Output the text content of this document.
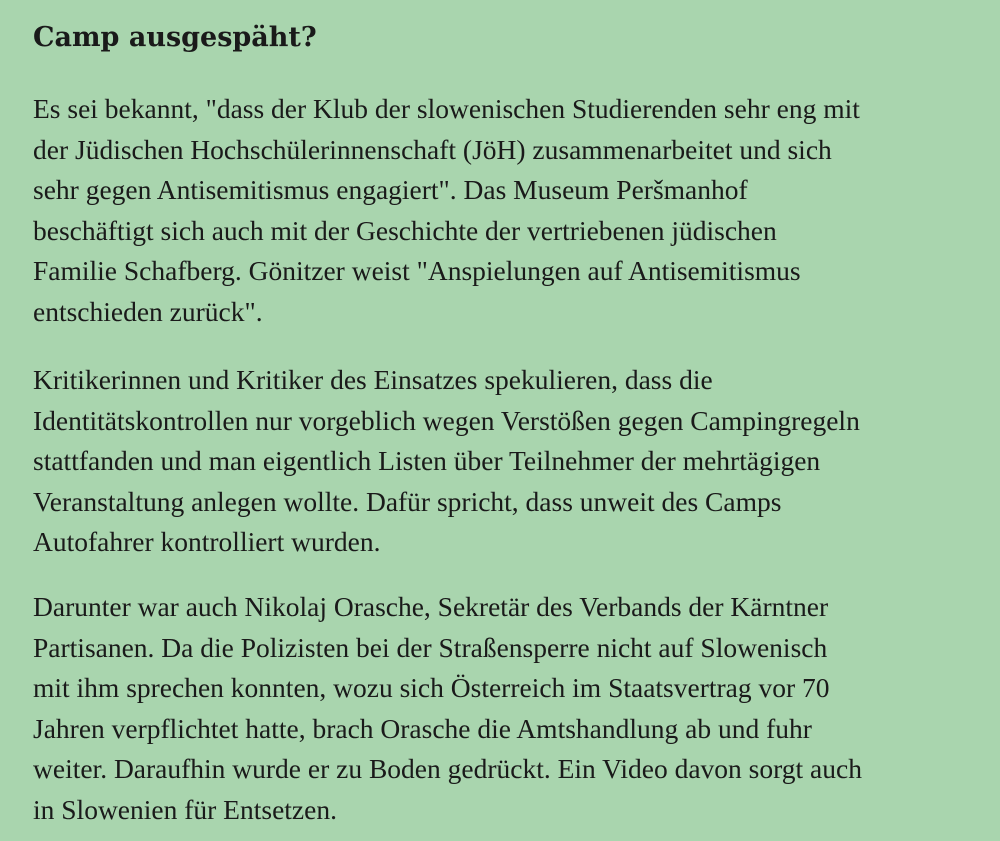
Camp ausgespäht?

Es sei bekannt, "dass der Klub der slowenischen Studierenden sehr eng mit
der Jüdischen Hochschülerinnenschaft (JöH) zusammenarbeitet und sich
sehr gegen Antisemitismus engagiert". Das Museum Peršmanhof
beschäftigt sich auch mit der Geschichte der vertriebenen jüdischen
Familie Schafberg. Gönitzer weist "Anspielungen auf Antisemitismus
entschieden zurück".

Kritikerinnen und Kritiker des Einsatzes spekulieren, dass die
Identitätskontrollen nur vorgeblich wegen Verstößen gegen Campingregeln
stattfanden und man eigentlich Listen über Teilnehmer der mehrtägigen
Veranstaltung anlegen wollte. Dafür spricht, dass unweit des Camps
Autofahrer kontrolliert wurden.

Darunter war auch Nikolaj Orasche, Sekretär des Verbands der Kärntner
Partisanen. Da die Polizisten bei der Straßensperre nicht auf Slowenisch
mit ihm sprechen konnten, wozu sich Österreich im Staatsvertrag vor 70
Jahren verpflichtet hatte, brach Orasche die Amtshandlung ab und fuhr
weiter. Daraufhin wurde er zu Boden gedrückt. Ein Video davon sorgt auch
in Slowenien für Entsetzen.
